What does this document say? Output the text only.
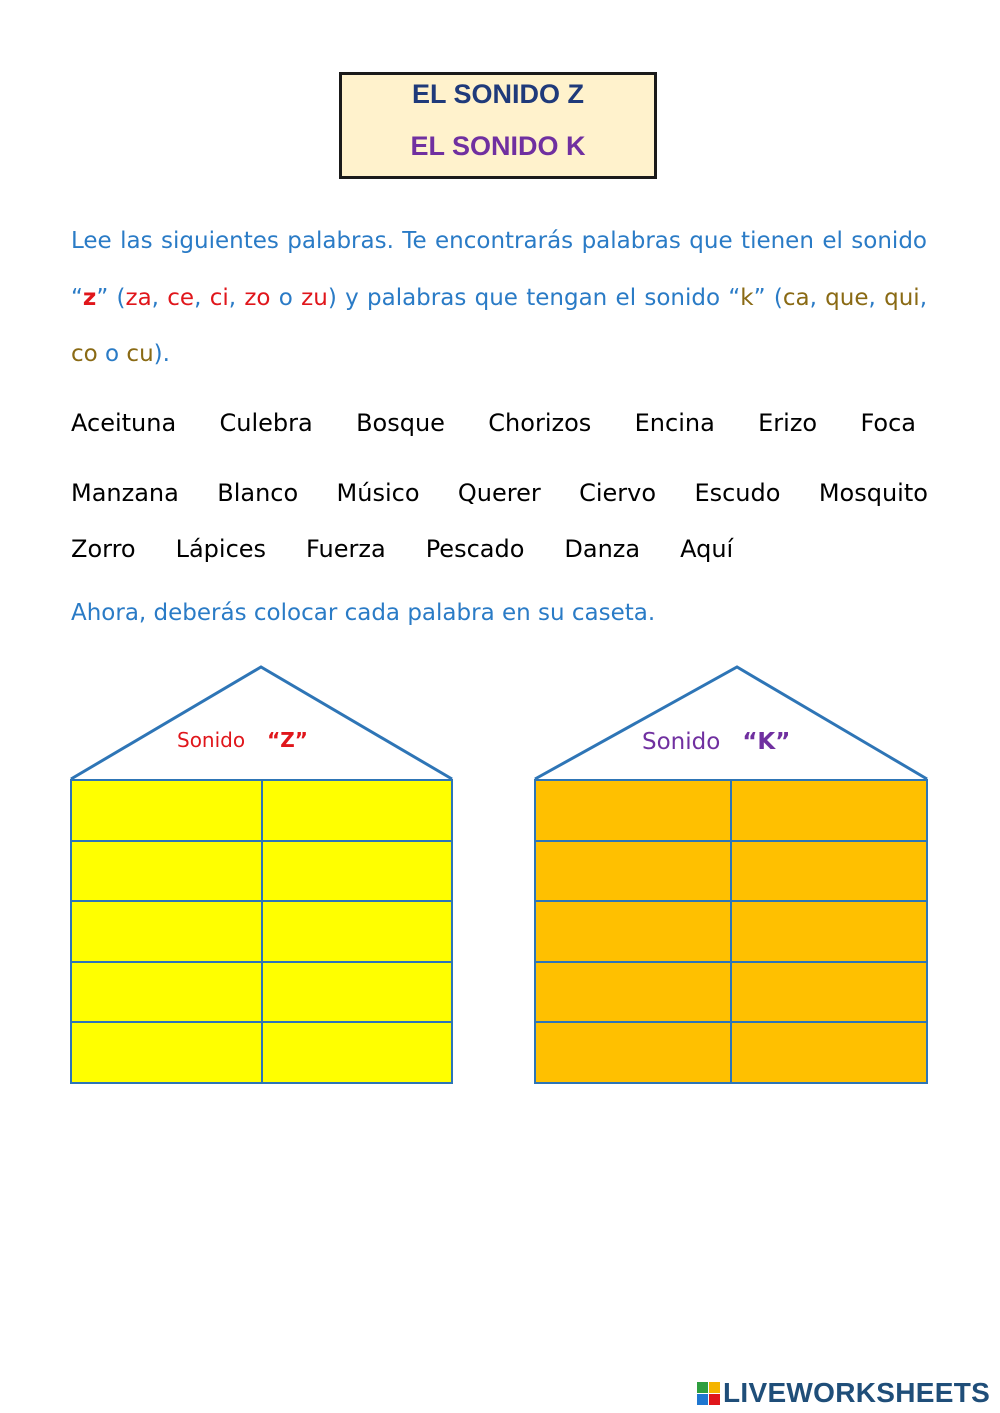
EL SONIDO Z
EL SONIDO K

Lee las siguientes palabras. Te encontrarás palabras que tienen el sonido “z” (za, ce, ci, zo o zu) y palabras que tengan el sonido “k” (ca, que, qui, co o cu).

Aceituna Culebra Bosque Chorizos Encina Erizo Foca
Manzana Blanco Músico Querer Ciervo Escudo Mosquito
Zorro Lápices Fuerza Pescado Danza Aquí
Ahora, deberás colocar cada palabra en su caseta.
Sonido “Z”	Sonido “K”
LIVEWORKSHEETS
